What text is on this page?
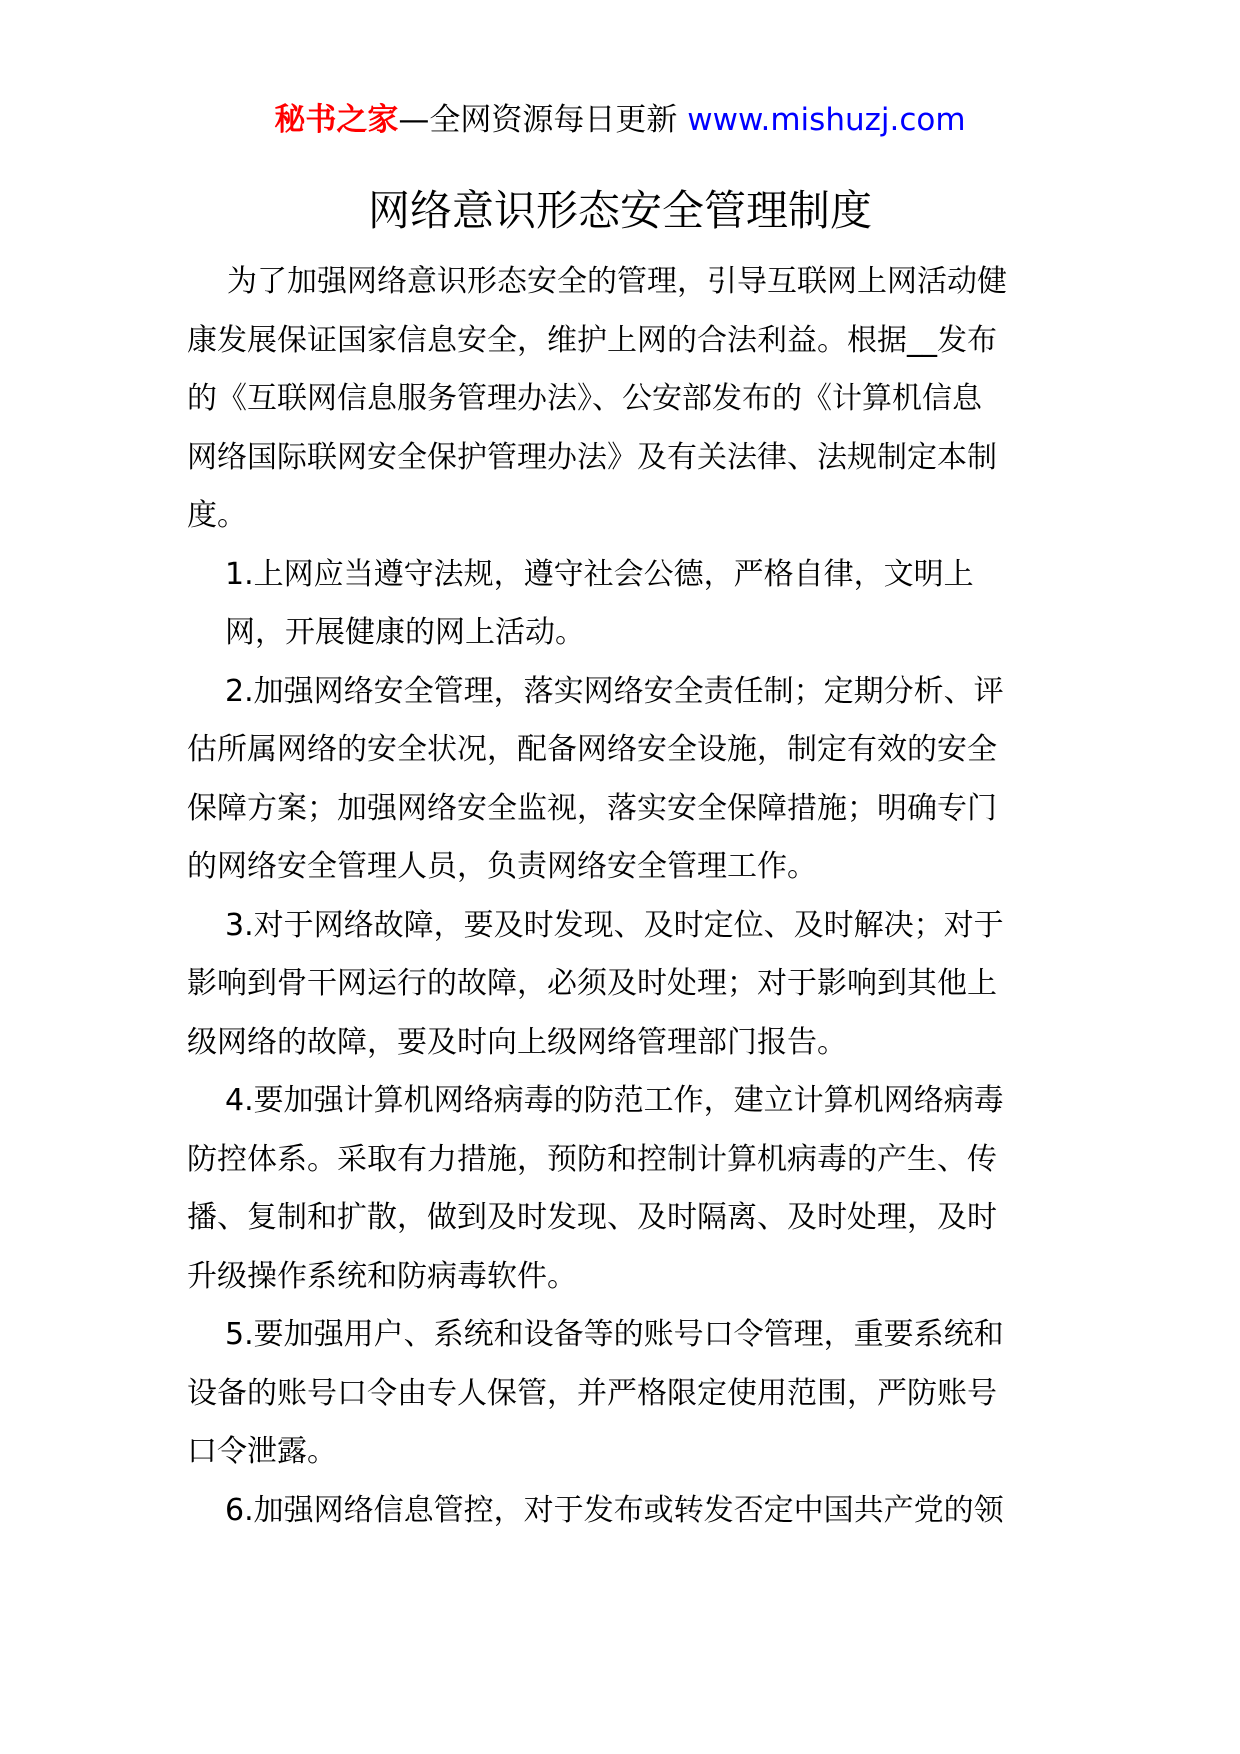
秘书之家—全网资源每日更新 www.mishuzj.com
网络意识形态安全管理制度
为了加强网络意识形态安全的管理，引导互联网上网活动健
康发展保证国家信息安全，维护上网的合法利益。根据__发布
的《互联网信息服务管理办法》、公安部发布的《计算机信息
网络国际联网安全保护管理办法》及有关法律、法规制定本制
度。
1.上网应当遵守法规，遵守社会公德，严格自律，文明上
网，开展健康的网上活动。
2.加强网络安全管理，落实网络安全责任制；定期分析、评
估所属网络的安全状况，配备网络安全设施，制定有效的安全
保障方案；加强网络安全监视，落实安全保障措施；明确专门
的网络安全管理人员，负责网络安全管理工作。
3.对于网络故障，要及时发现、及时定位、及时解决；对于
影响到骨干网运行的故障，必须及时处理；对于影响到其他上
级网络的故障，要及时向上级网络管理部门报告。
4.要加强计算机网络病毒的防范工作，建立计算机网络病毒
防控体系。采取有力措施，预防和控制计算机病毒的产生、传
播、复制和扩散，做到及时发现、及时隔离、及时处理，及时
升级操作系统和防病毒软件。
5.要加强用户、系统和设备等的账号口令管理，重要系统和
设备的账号口令由专人保管，并严格限定使用范围，严防账号
口令泄露。
6.加强网络信息管控，对于发布或转发否定中国共产党的领
